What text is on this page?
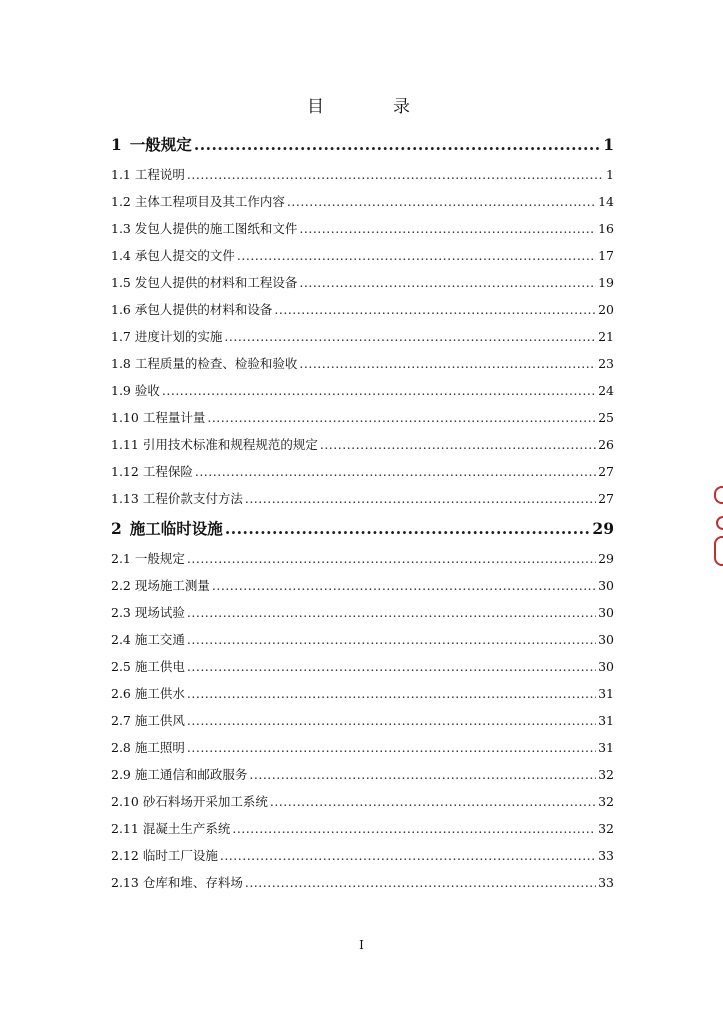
目　录
1 一般规定 .....	1
1.1 工程说明 .....	1
1.2 主体工程项目及其工作内容 .....	14
1.3 发包人提供的施工图纸和文件 .....	16
1.4 承包人提交的文件 .....	17
1.5 发包人提供的材料和工程设备 .....	19
1.6 承包人提供的材料和设备 .....	20
1.7 进度计划的实施 .....	21
1.8 工程质量的检查、检验和验收 .....	23
1.9 验收 .....	24
1.10 工程量计量 .....	25
1.11 引用技术标准和规程规范的规定 .....	26
1.12 工程保险 .....	27
1.13 工程价款支付方法 .....	27
2 施工临时设施 .....	29
2.1 一般规定 .....	29
2.2 现场施工测量 .....	30
2.3 现场试验 .....	30
2.4 施工交通 .....	30
2.5 施工供电 .....	30
2.6 施工供水 .....	31
2.7 施工供风 .....	31
2.8 施工照明 .....	31
2.9 施工通信和邮政服务 .....	32
2.10 砂石料场开采加工系统 .....	32
2.11 混凝土生产系统 .....	32
2.12 临时工厂设施 .....	33
2.13 仓库和堆、存料场 .....	33
I
